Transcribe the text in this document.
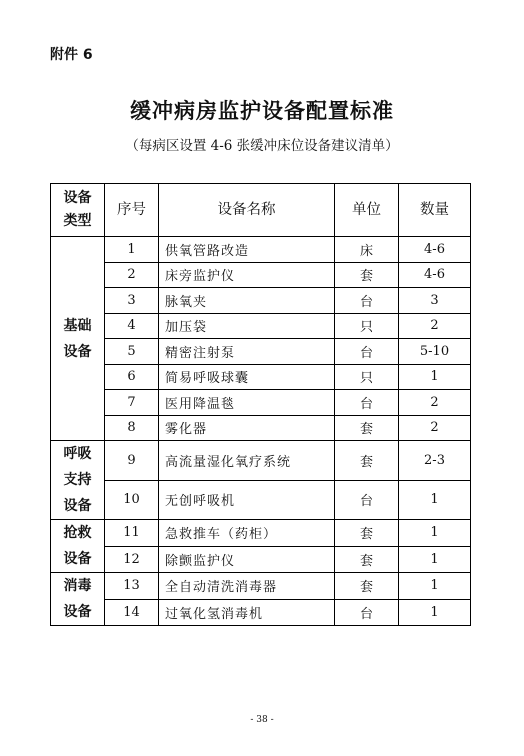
附件 6
缓冲病房监护设备配置标准
（每病区设置 4-6 张缓冲床位设备建议清单）
设备
类型	序号	设备名称	单位	数量

基础
设备	1	供氧管路改造	床	4-6
	2	床旁监护仪	套	4-6
	3	脉氧夹	台	3
	4	加压袋	只	2
	5	精密注射泵	台	5-10
	6	简易呼吸球囊	只	1
	7	医用降温毯	台	2
	8	雾化器	套	2

呼吸
支持
设备	9	高流量湿化氧疗系统	套	2-3
	10	无创呼吸机	台	1

抢救
设备	11	急救推车（药柜）	套	1
	12	除颤监护仪	套	1

消毒
设备	13	全自动清洗消毒器	套	1
	14	过氧化氢消毒机	台	1
- 38 -
